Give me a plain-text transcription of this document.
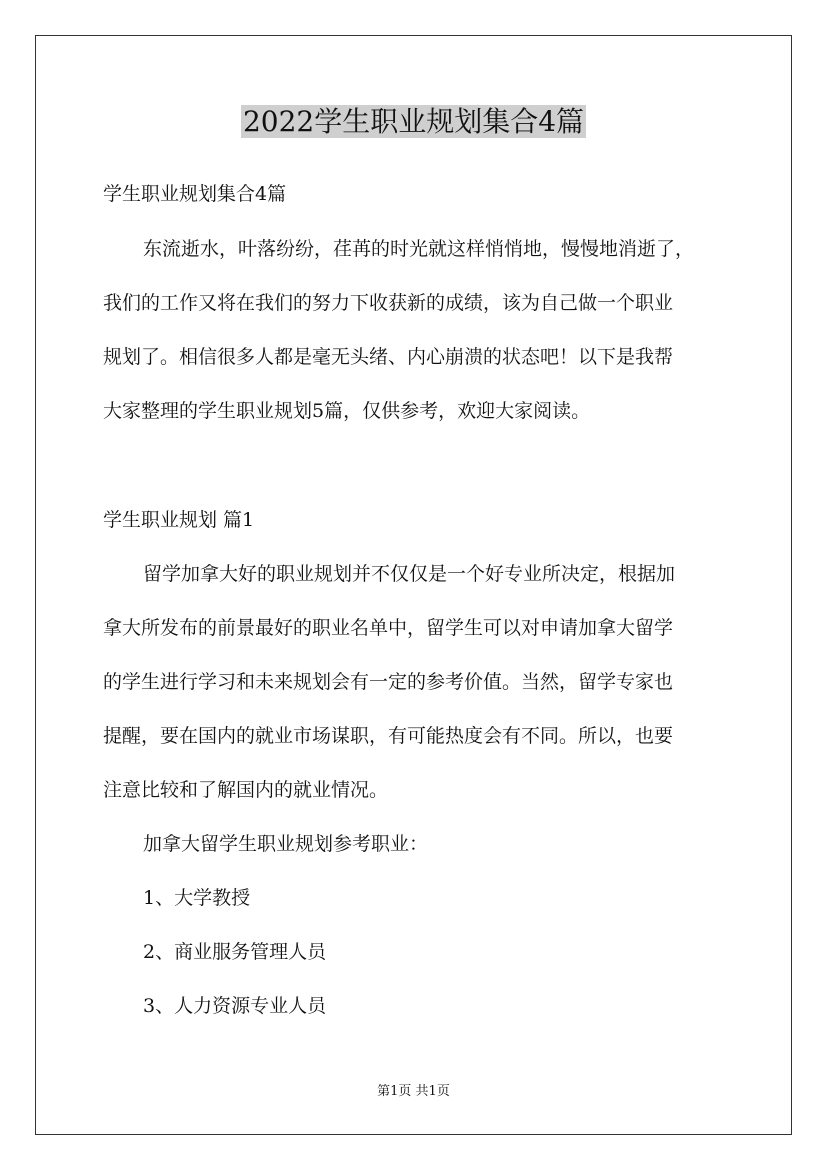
2022学生职业规划集合4篇
学生职业规划集合4篇
东流逝水，叶落纷纷，荏苒的时光就这样悄悄地，慢慢地消逝了，
我们的工作又将在我们的努力下收获新的成绩，该为自己做一个职业
规划了。相信很多人都是毫无头绪、内心崩溃的状态吧！以下是我帮
大家整理的学生职业规划5篇，仅供参考，欢迎大家阅读。
学生职业规划 篇1
留学加拿大好的职业规划并不仅仅是一个好专业所决定，根据加
拿大所发布的前景最好的职业名单中，留学生可以对申请加拿大留学
的学生进行学习和未来规划会有一定的参考价值。当然，留学专家也
提醒，要在国内的就业市场谋职，有可能热度会有不同。所以，也要
注意比较和了解国内的就业情况。
加拿大留学生职业规划参考职业：
1、大学教授
2、商业服务管理人员
3、人力资源专业人员
第1页 共1页
